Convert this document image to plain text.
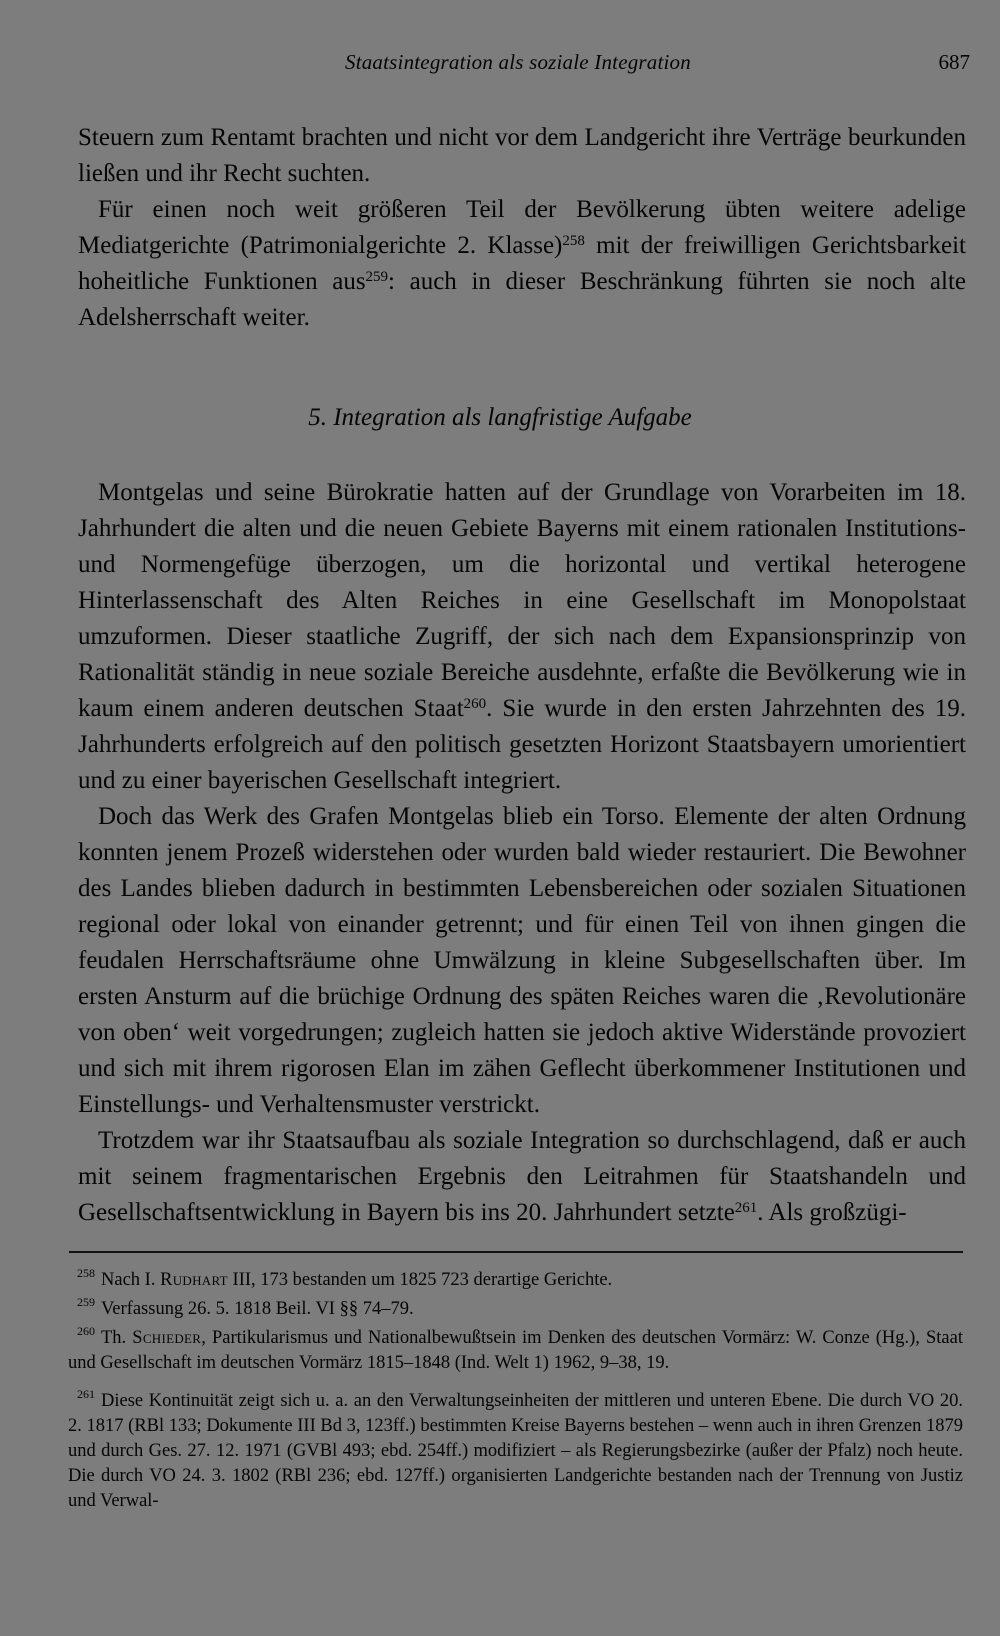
Staatsintegration als soziale Integration	687

Steuern zum Rentamt brachten und nicht vor dem Landgericht ihre Verträge beurkunden ließen und ihr Recht suchten.

Für einen noch weit größeren Teil der Bevölkerung übten weitere adelige Mediatgerichte (Patrimonialgerichte 2. Klasse)$^{258}$ mit der freiwilligen Gerichtsbarkeit hoheitliche Funktionen aus$^{259}$: auch in dieser Beschränkung führten sie noch alte Adelsherrschaft weiter.

5. Integration als langfristige Aufgabe

Montgelas und seine Bürokratie hatten auf der Grundlage von Vorarbeiten im 18. Jahrhundert die alten und die neuen Gebiete Bayerns mit einem rationalen Institutions- und Normengefüge überzogen, um die horizontal und vertikal heterogene Hinterlassenschaft des Alten Reiches in eine Gesellschaft im Monopolstaat umzuformen. Dieser staatliche Zugriff, der sich nach dem Expansionsprinzip von Rationalität ständig in neue soziale Bereiche ausdehnte, erfaßte die Bevölkerung wie in kaum einem anderen deutschen Staat$^{260}$. Sie wurde in den ersten Jahrzehnten des 19. Jahrhunderts erfolgreich auf den politisch gesetzten Horizont Staatsbayern umorientiert und zu einer bayerischen Gesellschaft integriert.

Doch das Werk des Grafen Montgelas blieb ein Torso. Elemente der alten Ordnung konnten jenem Prozeß widerstehen oder wurden bald wieder restauriert. Die Bewohner des Landes blieben dadurch in bestimmten Lebensbereichen oder sozialen Situationen regional oder lokal von einander getrennt; und für einen Teil von ihnen gingen die feudalen Herrschaftsräume ohne Umwälzung in kleine Subgesellschaften über. Im ersten Ansturm auf die brüchige Ordnung des späten Reiches waren die ‚Revolutionäre von oben‘ weit vorgedrungen; zugleich hatten sie jedoch aktive Widerstände provoziert und sich mit ihrem rigorosen Elan im zähen Geflecht überkommener Institutionen und Einstellungs- und Verhaltensmuster verstrickt.

Trotzdem war ihr Staatsaufbau als soziale Integration so durchschlagend, daß er auch mit seinem fragmentarischen Ergebnis den Leitrahmen für Staatshandeln und Gesellschaftsentwicklung in Bayern bis ins 20. Jahrhundert setzte$^{261}$. Als großzügi-

258 Nach I. Rudhart III, 173 bestanden um 1825 723 derartige Gerichte.

259 Verfassung 26. 5. 1818 Beil. VI §§ 74–79.

260 Th. Schieder, Partikularismus und Nationalbewußtsein im Denken des deutschen Vormärz: W. Conze (Hg.), Staat und Gesellschaft im deutschen Vormärz 1815–1848 (Ind. Welt 1) 1962, 9–38, 19.

261 Diese Kontinuität zeigt sich u. a. an den Verwaltungseinheiten der mittleren und unteren Ebene. Die durch VO 20. 2. 1817 (RBl 133; Dokumente III Bd 3, 123ff.) bestimmten Kreise Bayerns bestehen – wenn auch in ihren Grenzen 1879 und durch Ges. 27. 12. 1971 (GVBl 493; ebd. 254ff.) modifiziert – als Regierungsbezirke (außer der Pfalz) noch heute. Die durch VO 24. 3. 1802 (RBl 236; ebd. 127ff.) organisierten Landgerichte bestanden nach der Trennung von Justiz und Verwal-
